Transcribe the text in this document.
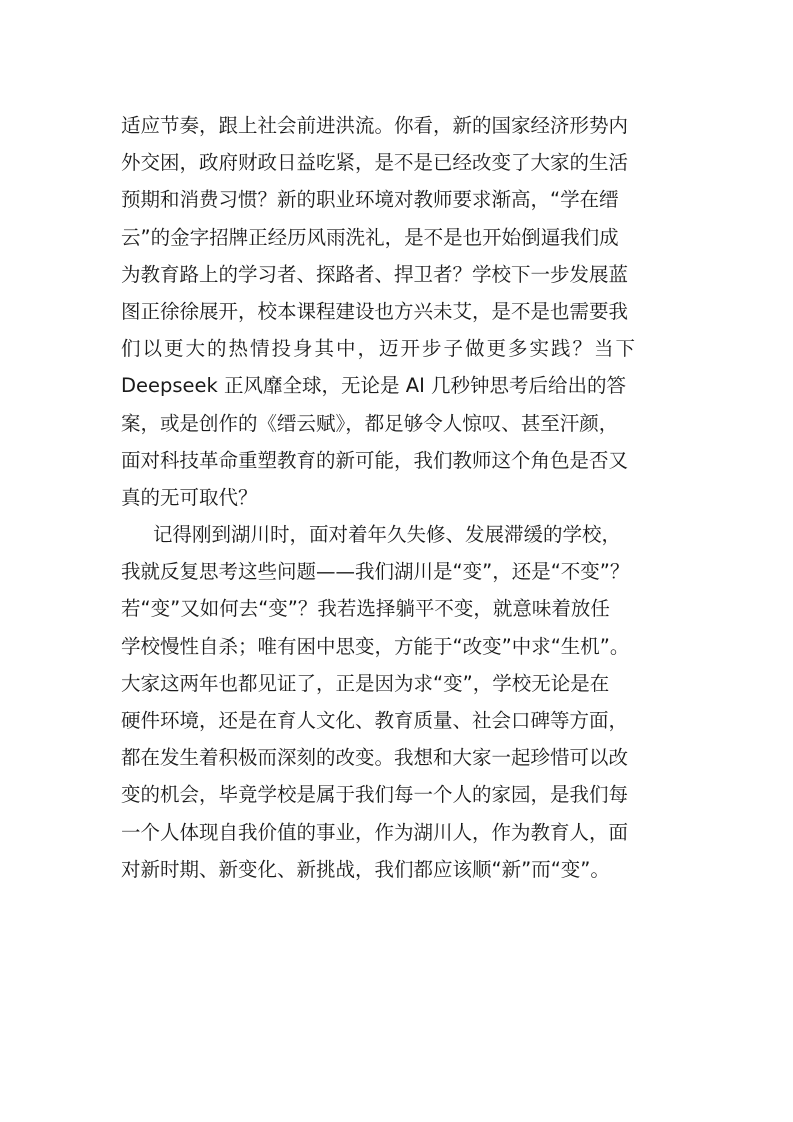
适应节奏，跟上社会前进洪流。你看，新的国家经济形势内
外交困，政府财政日益吃紧，是不是已经改变了大家的生活
预期和消费习惯？新的职业环境对教师要求渐高，“学在缙
云”的金字招牌正经历风雨洗礼，是不是也开始倒逼我们成
为教育路上的学习者、探路者、捍卫者？学校下一步发展蓝
图正徐徐展开，校本课程建设也方兴未艾，是不是也需要我
们以更大的热情投身其中，迈开步子做更多实践？当下
Deepseek 正风靡全球，无论是 AI 几秒钟思考后给出的答
案，或是创作的《缙云赋》，都足够令人惊叹、甚至汗颜，
面对科技革命重塑教育的新可能，我们教师这个角色是否又
真的无可取代？
记得刚到湖川时，面对着年久失修、发展滞缓的学校，
我就反复思考这些问题——我们湖川是“变”，还是“不变”？
若“变”又如何去“变”？我若选择躺平不变，就意味着放任
学校慢性自杀；唯有困中思变，方能于“改变”中求“生机”。
大家这两年也都见证了，正是因为求“变”，学校无论是在
硬件环境，还是在育人文化、教育质量、社会口碑等方面，
都在发生着积极而深刻的改变。我想和大家一起珍惜可以改
变的机会，毕竟学校是属于我们每一个人的家园，是我们每
一个人体现自我价值的事业，作为湖川人，作为教育人，面
对新时期、新变化、新挑战，我们都应该顺“新”而“变”。
